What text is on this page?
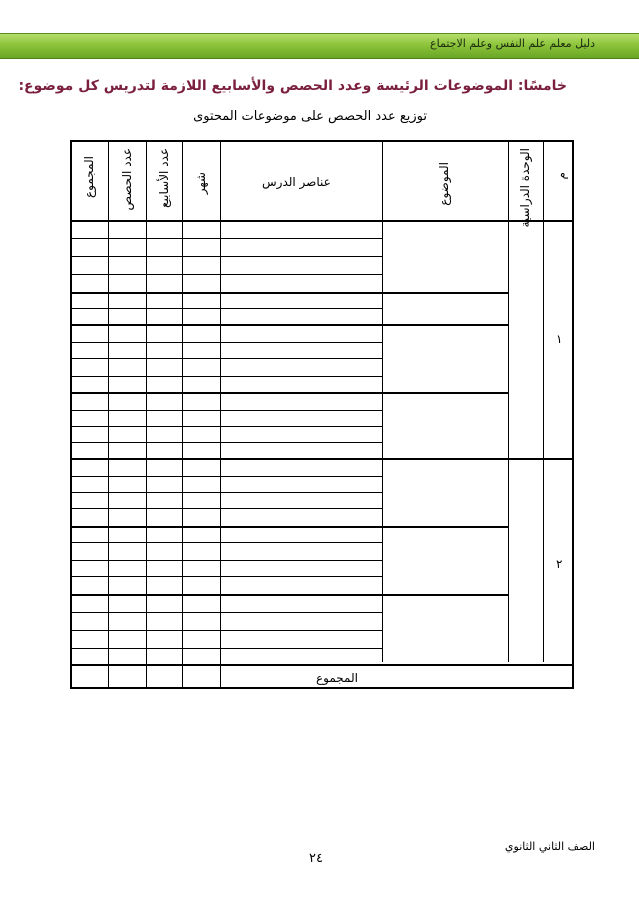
دليل معلم علم النفس وعلم الاجتماع
خامسًا: الموضوعات الرئيسة وعدد الحصص والأسابيع اللازمة لتدريس كل موضوع:
توزيع عدد الحصص على موضوعات المحتوى
م
الوحدة الدراسية
الموضوع
عناصر الدرس
شهر
عدد الأسابيع
عدد الحصص
المجموع
١
٢
المجموع
الصف الثاني الثانوي
٢٤
